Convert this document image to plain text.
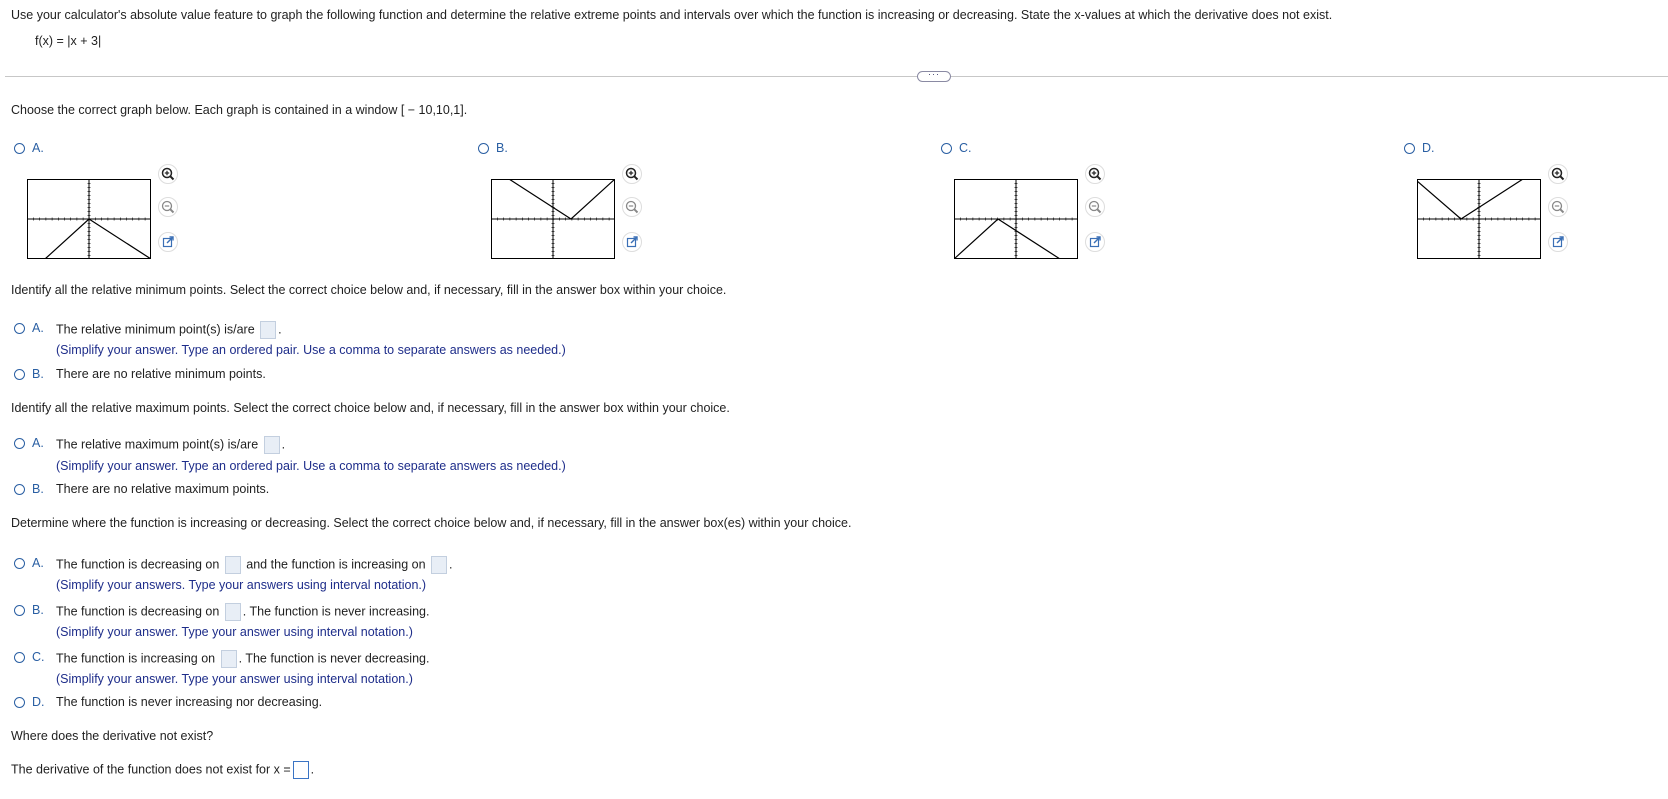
Use your calculator's absolute value feature to graph the following function and determine the relative extreme points and intervals over which the function is increasing or decreasing. State the x-values at which the derivative does not exist.
f(x) = |x + 3|
···
Choose the correct graph below. Each graph is contained in a window [ − 10,10,1].
A.	B.	C.	D.
Identify all the relative minimum points. Select the correct choice below and, if necessary, fill in the answer box within your choice.
A. The relative minimum point(s) is/are .
(Simplify your answer. Type an ordered pair. Use a comma to separate answers as needed.)
B. There are no relative minimum points.
Identify all the relative maximum points. Select the correct choice below and, if necessary, fill in the answer box within your choice.
A. The relative maximum point(s) is/are .
(Simplify your answer. Type an ordered pair. Use a comma to separate answers as needed.)
B. There are no relative maximum points.
Determine where the function is increasing or decreasing. Select the correct choice below and, if necessary, fill in the answer box(es) within your choice.
A. The function is decreasing on and the function is increasing on .
(Simplify your answers. Type your answers using interval notation.)
B. The function is decreasing on . The function is never increasing.
(Simplify your answer. Type your answer using interval notation.)
C. The function is increasing on . The function is never decreasing.
(Simplify your answer. Type your answer using interval notation.)
D. The function is never increasing nor decreasing.
Where does the derivative not exist?
The derivative of the function does not exist for x = .
